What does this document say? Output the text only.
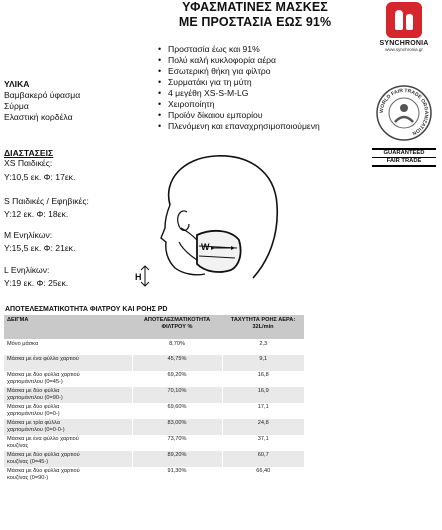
ΥΦΑΣΜΑΤΙΝΕΣ ΜΑΣΚΕΣ
ΜΕ ΠΡΟΣΤΑΣΙΑ ΕΩΣ 91%
• Προστασία έως και 91%
• Πολύ καλή κυκλοφορία αέρα
• Εσωτερική θήκη για φίλτρο
• Συρματάκι για τη μύτη
• 4 μεγέθη XS-S-M-LG
• Χειροποίητη
• Προϊόν δίκαιου εμπορίου
• Πλενόμενη και επαναχρησιμοποιούμενη
SYNCHRONIA
www.synchronia.gr
WORLD FAIR TRADE ORGANIZATION
GUARANTEED
FAIR TRADE
ΥΛΙΚΑ
Βαμβακερό ύφασμα
Σύρμα
Ελαστική κορδέλα
ΔΙΑΣΤΑΣΕΙΣ
XS Παιδικές:
Υ:10,5 εκ. Φ: 17εκ.
S Παιδικές / Εφηβικές:
Υ:12 εκ. Φ: 18εκ.
M Ενηλίκων:
Υ:15,5 εκ. Φ: 21εκ.
L Ενηλίκων:
Υ:19 εκ. Φ: 25εκ.
W
H
ΑΠΟΤΕΛΕΣΜΑΤΙΚΟΤΗΤΑ ΦΙΛΤΡΟΥ ΚΑΙ ΡΟΗΣ PD
ΔΕΙΓΜΑ	ΑΠΟΤΕΛΕΣΜΑΤΙΚΟΤΗΤΑ ΦΙΛΤΡΟΥ %	ΤΑΧΥΤΗΤΑ ΡΟΗΣ ΑΕΡΑ: 32L/min

Μόνο μάσκα	8,70%	2,3

Μάσκα με ένα φύλλο χαρτιού	45,75%	9,1

Μάσκα με δύο φύλλα χαρτιού
χαρτομάντιλου (0=45-)	69,20%	16,8

Μάσκα με δύο φύλλα
χαρτομάντιλου (0=90-)	70,10%	16,9

Μάσκα με δύο φύλλα
χαρτομάντιλου (0=0-)	69,60%	17,1

Μάσκα με τρία φύλλα
χαρτομάντιλου (0=0-0-)	83,00%	24,8

Μάσκα με ένα φύλλο χαρτιού
κουζίνας	73,70%	37,1

Μάσκα με δύο φύλλα χαρτιού
κουζίνας (0=45-)	89,20%	60,7

Μάσκα με δύο φύλλα χαρτιού
κουζίνας (0=90-)	91,30%	66,40
